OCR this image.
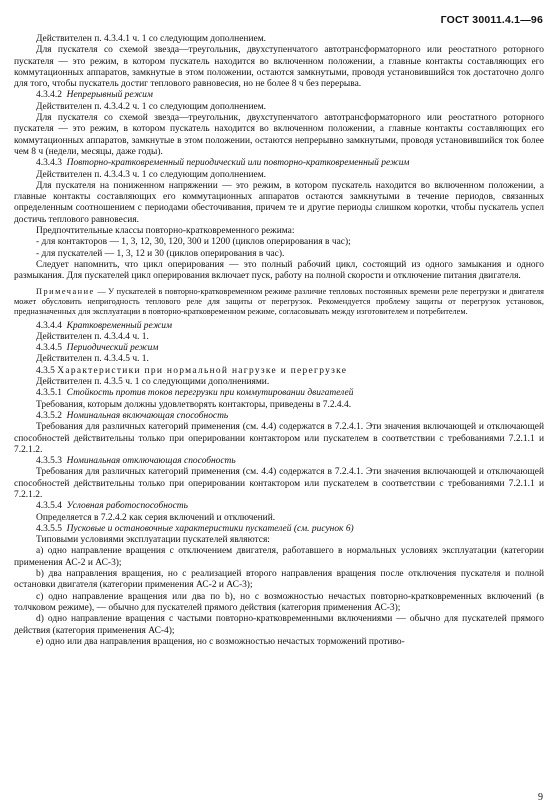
ГОСТ 30011.4.1—96

Действителен п. 4.3.4.1 ч. 1 со следующим дополнением.

Для пускателя со схемой звезда—треугольник, двухступенчатого автотрансформаторного или реостатного роторного пускателя — это режим, в котором пускатель находится во включенном положении, а главные контакты составляющих его коммутационных аппаратов, замкнутые в этом положении, остаются замкнутыми, проводя установившийся ток достаточно долго для того, чтобы пускатель достиг теплового равновесия, но не более 8 ч без перерыва.

4.3.4.2 Непрерывный режим

Действителен п. 4.3.4.2 ч. 1 со следующим дополнением.

Для пускателя со схемой звезда—треугольник, двухступенчатого автотрансформаторного или реостатного роторного пускателя — это режим, в котором пускатель находится во включенном положении, а главные контакты составляющих его коммутационных аппаратов, замкнутые в этом положении, остаются непрерывно замкнутыми, проводя установившийся ток более чем 8 ч (недели, месяцы, даже годы).

4.3.4.3 Повторно-кратковременный периодический или повторно-кратковременный режим

Действителен п. 4.3.4.3 ч. 1 со следующим дополнением.

Для пускателя на пониженном напряжении — это режим, в котором пускатель находится во включенном положении, а главные контакты составляющих его коммутационных аппаратов остаются замкнутыми в течение периодов, связанных определенным соотношением с периодами обесточивания, причем те и другие периоды слишком коротки, чтобы пускатель успел достичь теплового равновесия.

Предпочтительные классы повторно-кратковременного режима:

- для контакторов — 1, 3, 12, 30, 120, 300 и 1200 (циклов оперирования в час);

- для пускателей — 1, 3, 12 и 30 (циклов оперирования в час).

Следует напомнить, что цикл оперирования — это полный рабочий цикл, состоящий из одного замыкания и одного размыкания. Для пускателей цикл оперирования включает пуск, работу на полной скорости и отключение питания двигателя.

Примечание — У пускателей в повторно-кратковременном режиме различие тепловых постоянных времени реле перегрузки и двигателя может обусловить непригодность теплового реле для защиты от перегрузок. Рекомендуется проблему защиты от перегрузок установок, предназначенных для эксплуатации в повторно-кратковременном режиме, согласовывать между изготовителем и потребителем.

4.3.4.4 Кратковременный режим

Действителен п. 4.3.4.4 ч. 1.

4.3.4.5 Периодический режим

Действителен п. 4.3.4.5 ч. 1.

4.3.5 Характеристики при нормальной нагрузке и перегрузке

Действителен п. 4.3.5 ч. 1 со следующими дополнениями.

4.3.5.1 Стойкость против токов перегрузки при коммутировании двигателей

Требования, которым должны удовлетворять контакторы, приведены в 7.2.4.4.

4.3.5.2 Номинальная включающая способность

Требования для различных категорий применения (см. 4.4) содержатся в 7.2.4.1. Эти значения включающей и отключающей способностей действительны только при оперировании контактором или пускателем в соответствии с требованиями 7.2.1.1 и 7.2.1.2.

4.3.5.3 Номинальная отключающая способность

Требования для различных категорий применения (см. 4.4) содержатся в 7.2.4.1. Эти значения включающей и отключающей способностей действительны только при оперировании контактором или пускателем в соответствии с требованиями 7.2.1.1 и 7.2.1.2.

4.3.5.4 Условная работоспособность

Определяется в 7.2.4.2 как серия включений и отключений.

4.3.5.5 Пусковые и остановочные характеристики пускателей (см. рисунок 6)

Типовыми условиями эксплуатации пускателей являются:

а) одно направление вращения с отключением двигателя, работавшего в нормальных условиях эксплуатации (категории применения АС-2 и АС-3);

b) два направления вращения, но с реализацией второго направления вращения после отключения пускателя и полной остановки двигателя (категории применения АС-2 и АС-3);

c) одно направление вращения или два по b), но с возможностью нечастых повторно-кратковременных включений (в толчковом режиме), — обычно для пускателей прямого действия (категория применения АС-3);

d) одно направление вращения с частыми повторно-кратковременными включениями — обычно для пускателей прямого действия (категория применения АС-4);

е) одно или два направления вращения, но с возможностью нечастых торможений противо-

9
